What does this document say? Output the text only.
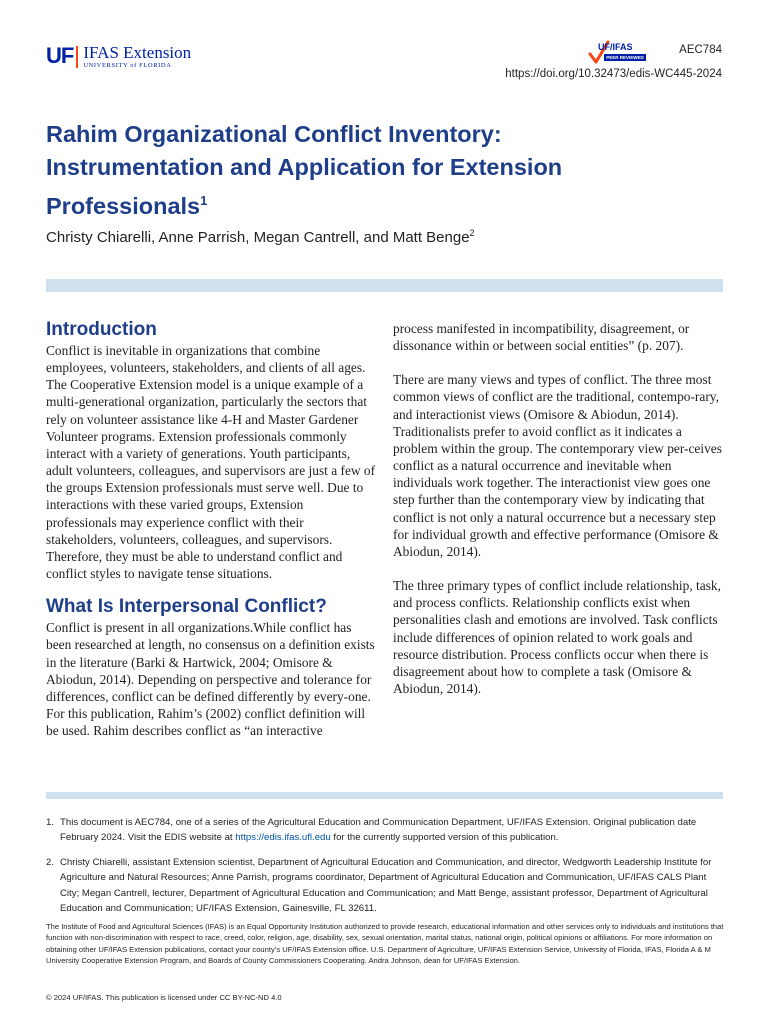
UF IFAS Extension
UNIVERSITY of FLORIDA
UF/IFAS
PEER REVIEWED
AEC784
https://doi.org/10.32473/edis-WC445-2024
Rahim Organizational Conflict Inventory:
Instrumentation and Application for Extension
Professionals$^1$
Christy Chiarelli, Anne Parrish, Megan Cantrell, and Matt Benge$^2$
Introduction

Conflict is inevitable in organizations that combine employees, volunteers, stakeholders, and clients of all ages. The Cooperative Extension model is a unique example of a multi-generational organization, particularly the sectors that rely on volunteer assistance like 4-H and Master Gardener Volunteer programs. Extension professionals commonly interact with a variety of generations. Youth participants, adult volunteers, colleagues, and supervisors are just a few of the groups Extension professionals must serve well. Due to interactions with these varied groups, Extension professionals may experience conflict with their stakeholders, volunteers, colleagues, and supervisors. Therefore, they must be able to understand conflict and conflict styles to navigate tense situations.

What Is Interpersonal Conflict?

Conflict is present in all organizations.While conflict has been researched at length, no consensus on a definition exists in the literature (Barki & Hartwick, 2004; Omisore & Abiodun, 2014). Depending on perspective and tolerance for differences, conflict can be defined differently by every-one. For this publication, Rahim’s (2002) conflict definition will be used. Rahim describes conflict as “an interactive

process manifested in incompatibility, disagreement, or dissonance within or between social entities” (p. 207).

There are many views and types of conflict. The three most common views of conflict are the traditional, contempo-rary, and interactionist views (Omisore & Abiodun, 2014). Traditionalists prefer to avoid conflict as it indicates a problem within the group. The contemporary view per-ceives conflict as a natural occurrence and inevitable when individuals work together. The interactionist view goes one step further than the contemporary view by indicating that conflict is not only a natural occurrence but a necessary step for individual growth and effective performance (Omisore & Abiodun, 2014).

The three primary types of conflict include relationship, task, and process conflicts. Relationship conflicts exist when personalities clash and emotions are involved. Task conflicts include differences of opinion related to work goals and resource distribution. Process conflicts occur when there is disagreement about how to complete a task (Omisore & Abiodun, 2014).

1. This document is AEC784, one of a series of the Agricultural Education and Communication Department, UF/IFAS Extension. Original publication date February 2024. Visit the EDIS website at https://edis.ifas.ufl.edu for the currently supported version of this publication.
2. Christy Chiarelli, assistant Extension scientist, Department of Agricultural Education and Communication, and director, Wedgworth Leadership Institute for Agriculture and Natural Resources; Anne Parrish, programs coordinator, Department of Agricultural Education and Communication, UF/IFAS CALS Plant City; Megan Cantrell, lecturer, Department of Agricultural Education and Communication; and Matt Benge, assistant professor, Department of Agricultural Education and Communication; UF/IFAS Extension, Gainesville, FL 32611.
The Institute of Food and Agricultural Sciences (IFAS) is an Equal Opportunity Institution authorized to provide research, educational information and other services only to individuals and institutions that function with non-discrimination with respect to race, creed, color, religion, age, disability, sex, sexual orientation, marital status, national origin, political opinions or affiliations. For more information on obtaining other UF/IFAS Extension publications, contact your county’s UF/IFAS Extension office. U.S. Department of Agriculture, UF/IFAS Extension Service, University of Florida, IFAS, Florida A & M University Cooperative Extension Program, and Boards of County Commissioners Cooperating. Andra Johnson, dean for UF/IFAS Extension.
© 2024 UF/IFAS. This publication is licensed under CC BY-NC-ND 4.0
